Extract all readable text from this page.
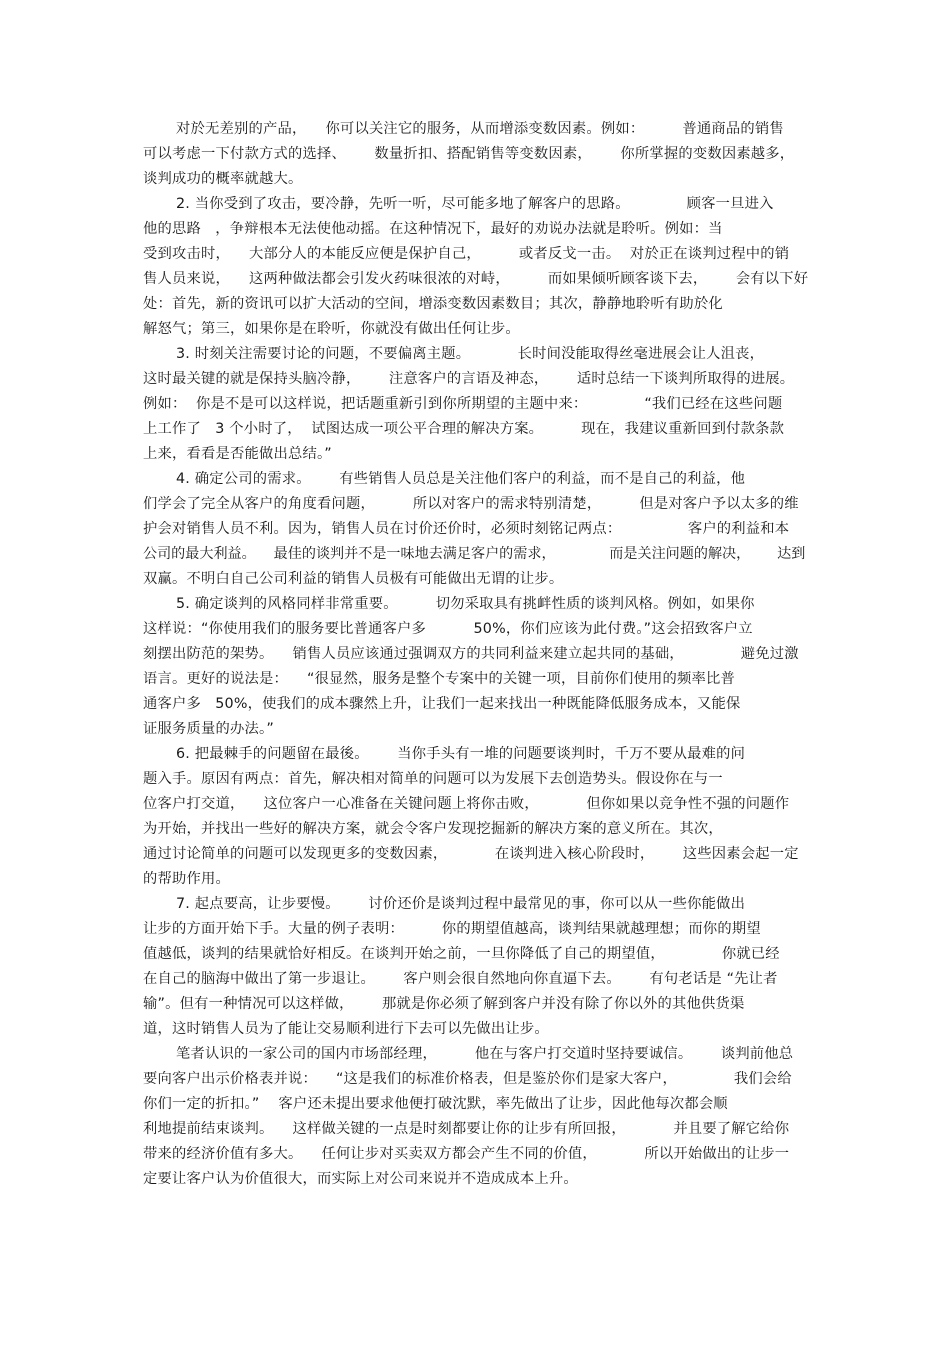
对於无差别的产品，    你可以关注它的服务，从而增添变数因素。例如：        普通商品的销售
可以考虑一下付款方式的选择、      数量折扣、搭配销售等变数因素，      你所掌握的变数因素越多，
谈判成功的概率就越大。
2. 当你受到了攻击，要冷静，先听一听，尽可能多地了解客户的思路。            顾客一旦进入
他的思路   ，争辩根本无法使他动摇。在这种情况下，最好的劝说办法就是聆听。例如：当
受到攻击时，    大部分人的本能反应便是保护自己，        或者反戈一击。  对於正在谈判过程中的销
售人员来说，    这两种做法都会引发火药味很浓的对峙，        而如果倾听顾客谈下去，      会有以下好
处：首先，新的资讯可以扩大活动的空间，增添变数因素数目；其次，静静地聆听有助於化
解怒气；第三，如果你是在聆听，你就没有做出任何让步。
3. 时刻关注需要讨论的问题，不要偏离主题。          长时间没能取得丝毫进展会让人沮丧，
这时最关键的就是保持头脑冷静，      注意客户的言语及神态，      适时总结一下谈判所取得的进展。
例如：  你是不是可以这样说，把话题重新引到你所期望的主题中来：            “我们已经在这些问题
上工作了   3 个小时了，  试图达成一项公平合理的解决方案。        现在，我建议重新回到付款条款
上来，看看是否能做出总结。”
4. 确定公司的需求。      有些销售人员总是关注他们客户的利益，而不是自己的利益，他
们学会了完全从客户的角度看问题，        所以对客户的需求特别清楚，        但是对客户予以太多的维
护会对销售人员不利。因为，销售人员在讨价还价时，必须时刻铭记两点：              客户的利益和本
公司的最大利益。    最佳的谈判并不是一味地去满足客户的需求，            而是关注问题的解决，      达到
双赢。不明白自己公司利益的销售人员极有可能做出无谓的让步。
5. 确定谈判的风格同样非常重要。        切勿采取具有挑衅性质的谈判风格。例如，如果你
这样说：“你使用我们的服务要比普通客户多          50%，你们应该为此付费。”这会招致客户立
刻摆出防范的架势。    销售人员应该通过强调双方的共同利益来建立起共同的基础，            避免过激
语言。更好的说法是：    “很显然，服务是整个专案中的关键一项，目前你们使用的频率比普
通客户多   50%，使我们的成本骤然上升，让我们一起来找出一种既能降低服务成本，又能保
证服务质量的办法。”
6. 把最棘手的问题留在最後。      当你手头有一堆的问题要谈判时，千万不要从最难的问
题入手。原因有两点：首先，解决相对简单的问题可以为发展下去创造势头。假设你在与一
位客户打交道，    这位客户一心准备在关键问题上将你击败，          但你如果以竞争性不强的问题作
为开始，并找出一些好的解决方案，就会令客户发现挖掘新的解决方案的意义所在。其次，
通过讨论简单的问题可以发现更多的变数因素，          在谈判进入核心阶段时，      这些因素会起一定
的帮助作用。
7. 起点要高，让步要慢。      讨价还价是谈判过程中最常见的事，你可以从一些你能做出
让步的方面开始下手。大量的例子表明：        你的期望值越高，谈判结果就越理想；而你的期望
值越低，谈判的结果就恰好相反。在谈判开始之前，一旦你降低了自己的期望值，            你就已经
在自己的脑海中做出了第一步退让。      客户则会很自然地向你直逼下去。      有句老话是 “先让者
输”。但有一种情况可以这样做，      那就是你必须了解到客户并没有除了你以外的其他供货渠
道，这时销售人员为了能让交易顺利进行下去可以先做出让步。
笔者认识的一家公司的国内市场部经理，        他在与客户打交道时坚持要诚信。      谈判前他总
要向客户出示价格表并说：    “这是我们的标准价格表，但是鉴於你们是家大客户，            我们会给
你们一定的折扣。”    客户还未提出要求他便打破沈默，率先做出了让步，因此他每次都会顺
利地提前结束谈判。    这样做关键的一点是时刻都要让你的让步有所回报，          并且要了解它给你
带来的经济价值有多大。    任何让步对买卖双方都会产生不同的价值，          所以开始做出的让步一
定要让客户认为价值很大，而实际上对公司来说并不造成成本上升。
